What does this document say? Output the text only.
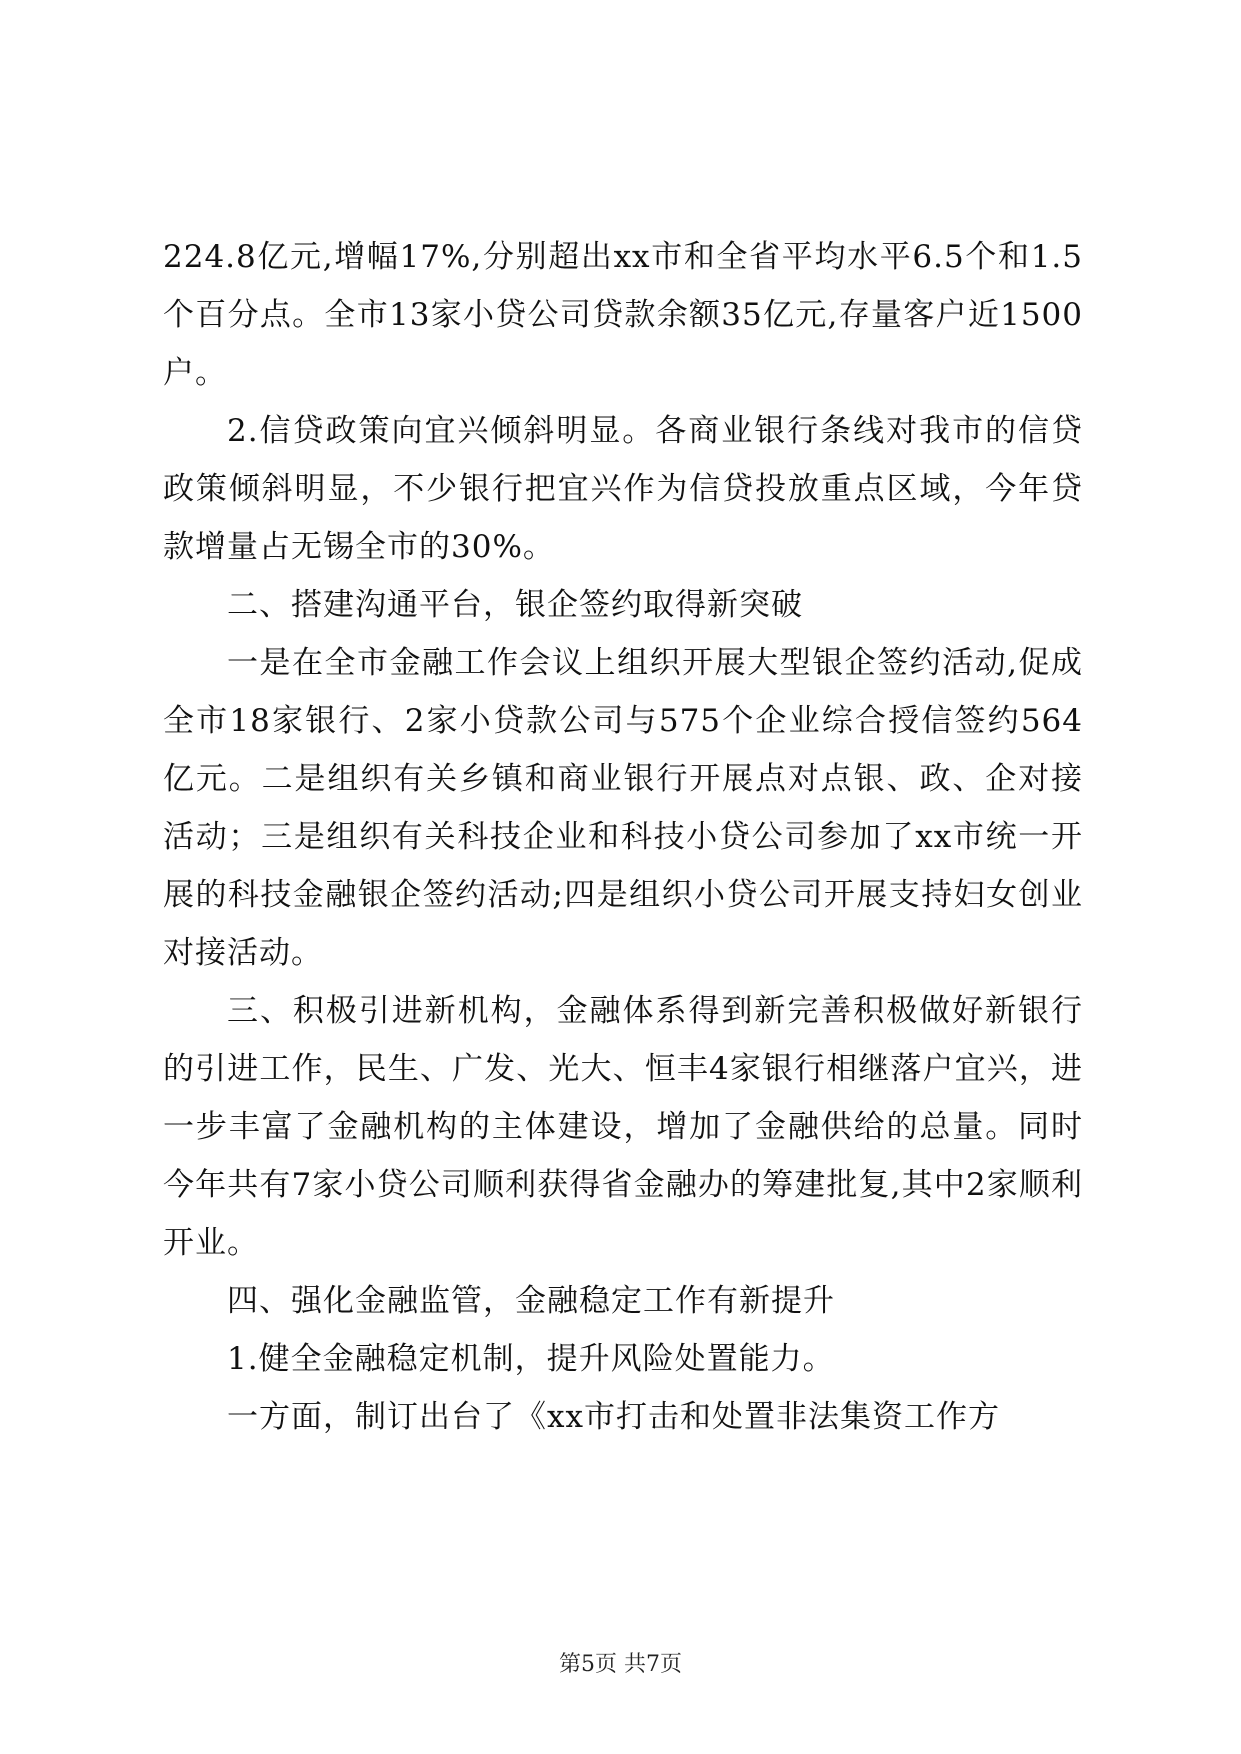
224.8亿元,增幅17%,分别超出xx市和全省平均水平6.5个和1.5个百分点。全市13家小贷公司贷款余额35亿元,存量客户近1500户。

2.信贷政策向宜兴倾斜明显。各商业银行条线对我市的信贷政策倾斜明显，不少银行把宜兴作为信贷投放重点区域，今年贷款增量占无锡全市的30%。

二、搭建沟通平台，银企签约取得新突破

一是在全市金融工作会议上组织开展大型银企签约活动,促成全市18家银行、2家小贷款公司与575个企业综合授信签约564亿元。二是组织有关乡镇和商业银行开展点对点银、政、企对接活动；三是组织有关科技企业和科技小贷公司参加了xx市统一开展的科技金融银企签约活动;四是组织小贷公司开展支持妇女创业对接活动。

三、积极引进新机构，金融体系得到新完善积极做好新银行的引进工作，民生、广发、光大、恒丰4家银行相继落户宜兴，进一步丰富了金融机构的主体建设，增加了金融供给的总量。同时今年共有7家小贷公司顺利获得省金融办的筹建批复,其中2家顺利开业。

四、强化金融监管，金融稳定工作有新提升

1.健全金融稳定机制，提升风险处置能力。

一方面，制订出台了《xx市打击和处置非法集资工作方

第5页 共7页
